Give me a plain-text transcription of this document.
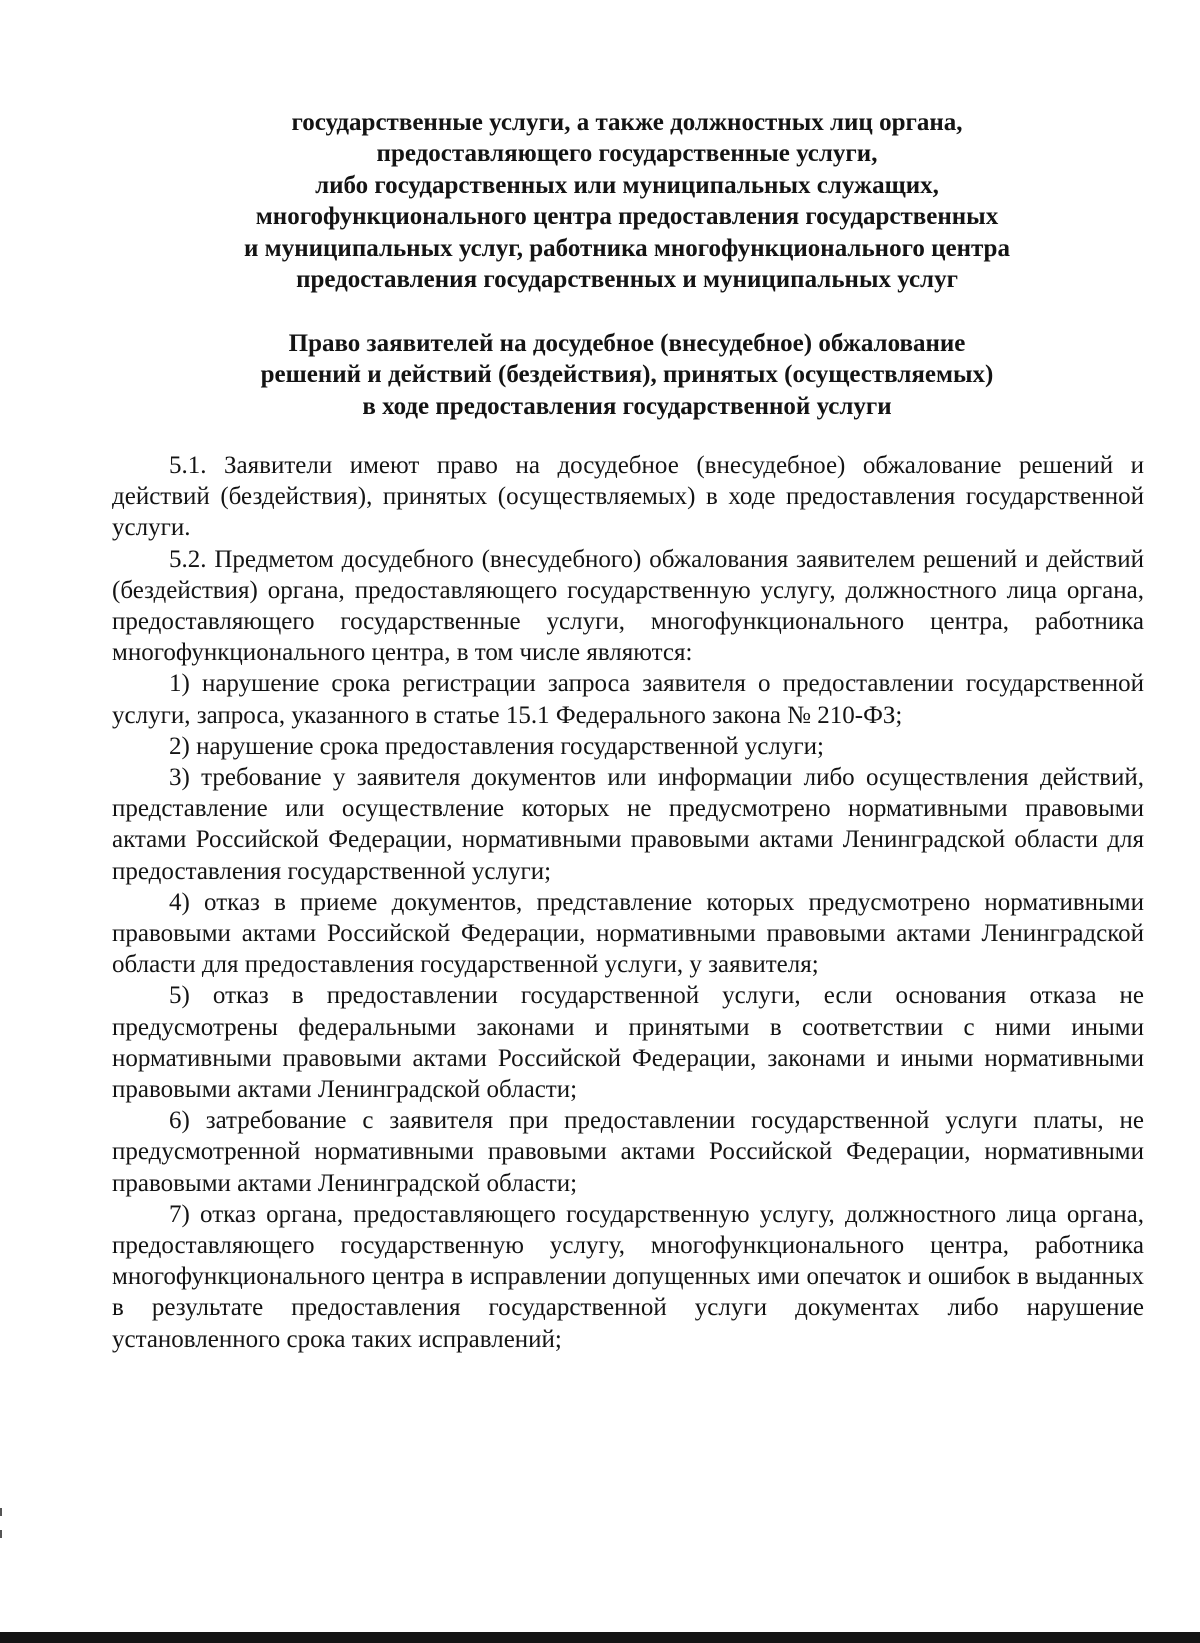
государственные услуги, а также должностных лиц органа,
предоставляющего государственные услуги,
либо государственных или муниципальных служащих,
многофункционального центра предоставления государственных
и муниципальных услуг, работника многофункционального центра
предоставления государственных и муниципальных услуг
Право заявителей на досудебное (внесудебное) обжалование
решений и действий (бездействия), принятых (осуществляемых)
в ходе предоставления государственной услуги

5.1. Заявители имеют право на досудебное (внесудебное) обжалование решений и действий (бездействия), принятых (осуществляемых) в ходе предоставления государственной услуги.

5.2. Предметом досудебного (внесудебного) обжалования заявителем решений и действий (бездействия) органа, предоставляющего государственную услугу, должностного лица органа, предоставляющего государственные услуги, многофункционального центра, работника многофункционального центра, в том числе являются:

1) нарушение срока регистрации запроса заявителя о предоставлении государственной услуги, запроса, указанного в статье 15.1 Федерального закона № 210-ФЗ;

2) нарушение срока предоставления государственной услуги;

3) требование у заявителя документов или информации либо осуществления действий, представление или осуществление которых не предусмотрено нормативными правовыми актами Российской Федерации, нормативными правовыми актами Ленинградской области для предоставления государственной услуги;

4) отказ в приеме документов, представление которых предусмотрено нормативными правовыми актами Российской Федерации, нормативными правовыми актами Ленинградской области для предоставления государственной услуги, у заявителя;

5) отказ в предоставлении государственной услуги, если основания отказа не предусмотрены федеральными законами и принятыми в соответствии с ними иными нормативными правовыми актами Российской Федерации, законами и иными нормативными правовыми актами Ленинградской области;

6) затребование с заявителя при предоставлении государственной услуги платы, не предусмотренной нормативными правовыми актами Российской Федерации, нормативными правовыми актами Ленинградской области;

7) отказ органа, предоставляющего государственную услугу, должностного лица органа, предоставляющего государственную услугу, многофункционального центра, работника многофункционального центра в исправлении допущенных ими опечаток и ошибок в выданных в результате предоставления государственной услуги документах либо нарушение установленного срока таких исправлений;
